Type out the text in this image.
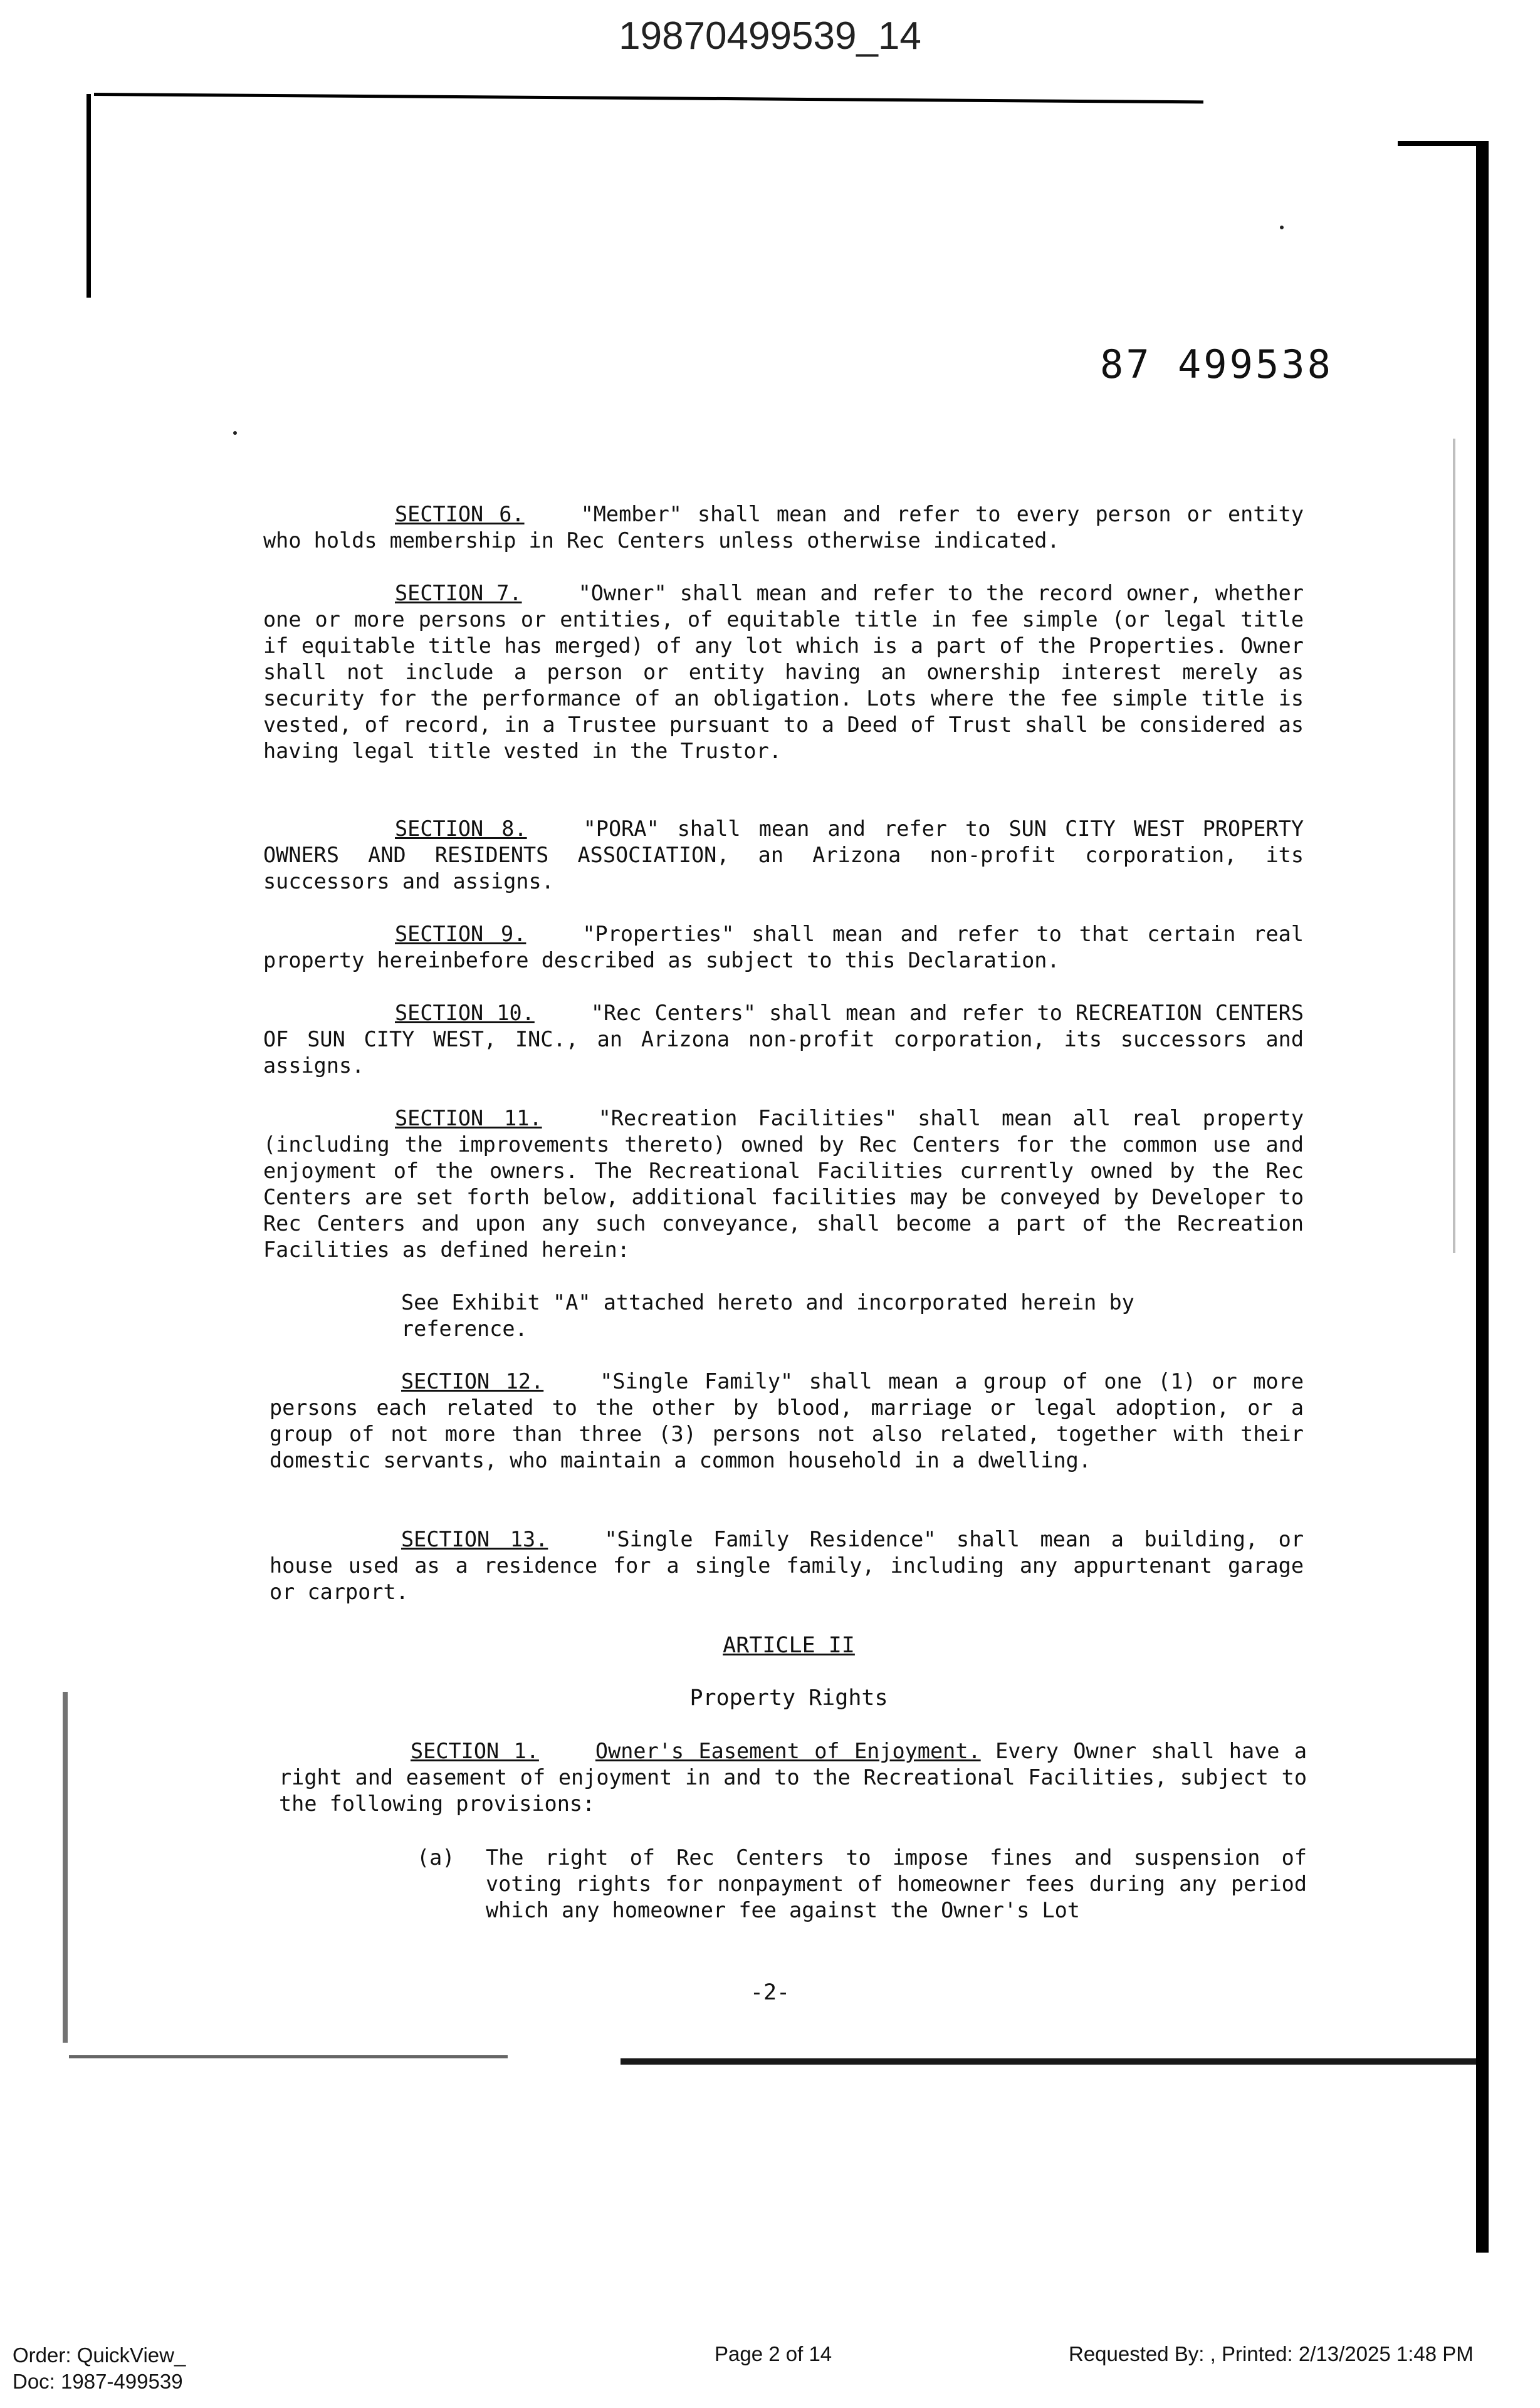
19870499539_14
87 499538
SECTION 6.	"Member" shall mean and refer to every person or entity who holds membership in Rec Centers unless otherwise indicated.
SECTION 7.	"Owner" shall mean and refer to the record owner, whether one or more persons or entities, of equitable title in fee simple (or legal title if equitable title has merged) of any lot which is a part of the Properties. Owner shall not include a person or entity having an ownership interest merely as security for the performance of an obligation. Lots where the fee simple title is vested, of record, in a Trustee pursuant to a Deed of Trust shall be considered as having legal title vested in the Trustor.
SECTION 8.	"PORA" shall mean and refer to SUN CITY WEST PROPERTY OWNERS AND RESIDENTS ASSOCIATION, an Arizona non-profit corporation, its successors and assigns.
SECTION 9.	"Properties" shall mean and refer to that certain real property hereinbefore described as subject to this Declaration.
SECTION 10.	"Rec Centers" shall mean and refer to RECREATION CENTERS OF SUN CITY WEST, INC., an Arizona non-profit corporation, its successors and assigns.
SECTION 11.	"Recreation Facilities" shall mean all real property (including the improvements thereto) owned by Rec Centers for the common use and enjoyment of the owners. The Recreational Facilities currently owned by the Rec Centers are set forth below, additional facilities may be conveyed by Developer to Rec Centers and upon any such conveyance, shall become a part of the Recreation Facilities as defined herein:
See Exhibit "A" attached hereto and incorporated herein by reference.
SECTION 12.	"Single Family" shall mean a group of one (1) or more persons each related to the other by blood, marriage or legal adoption, or a group of not more than three (3) persons not also related, together with their domestic servants, who maintain a common household in a dwelling.
SECTION 13.	"Single Family Residence" shall mean a building, or house used as a residence for a single family, including any appurtenant garage or carport.
ARTICLE II
Property Rights
SECTION 1.	Owner's Easement of Enjoyment. Every Owner shall have a right and easement of enjoyment in and to the Recreational Facilities, subject to the following provisions:
(a)	The right of Rec Centers to impose fines and suspension of voting rights for nonpayment of homeowner fees during any period which any homeowner fee against the Owner's Lot
-2-
Order: QuickView_
Doc: 1987-499539
Page 2 of 14	Requested By: , Printed: 2/13/2025 1:48 PM
